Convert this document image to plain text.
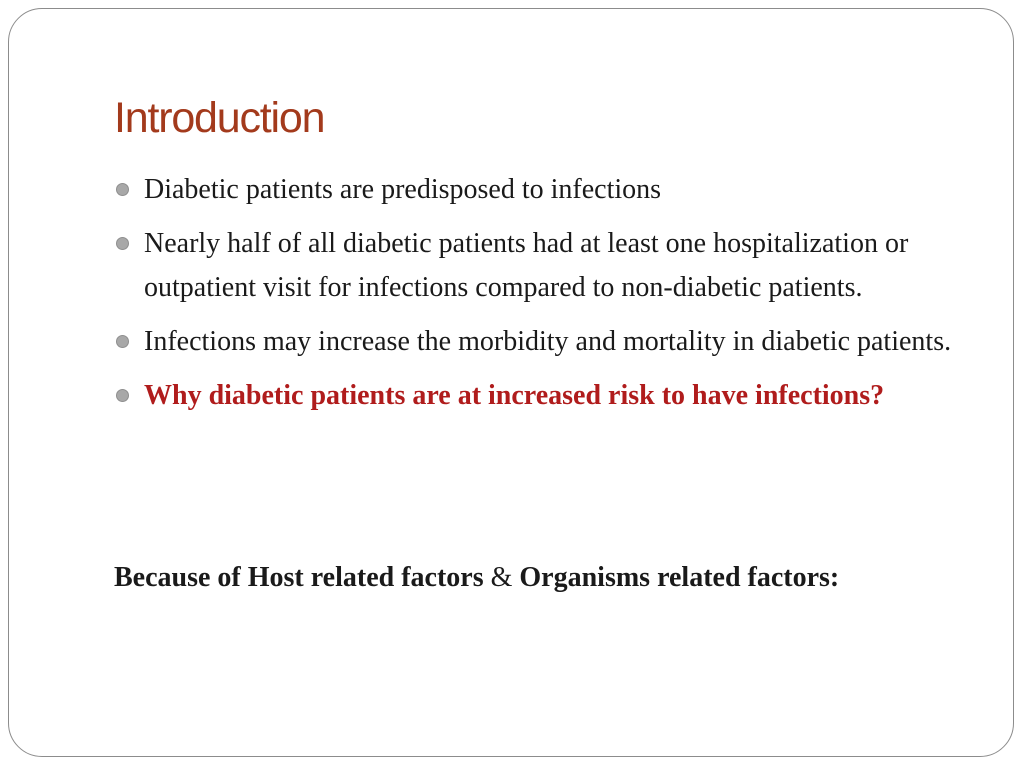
Introduction
Diabetic patients are predisposed to infections
Nearly half of all diabetic patients had at least one hospitalization or outpatient visit for infections compared to non-diabetic patients.
Infections may increase the morbidity and mortality in diabetic patients.
Why diabetic patients are at increased risk to have infections?

Because of Host related factors & Organisms related factors:
